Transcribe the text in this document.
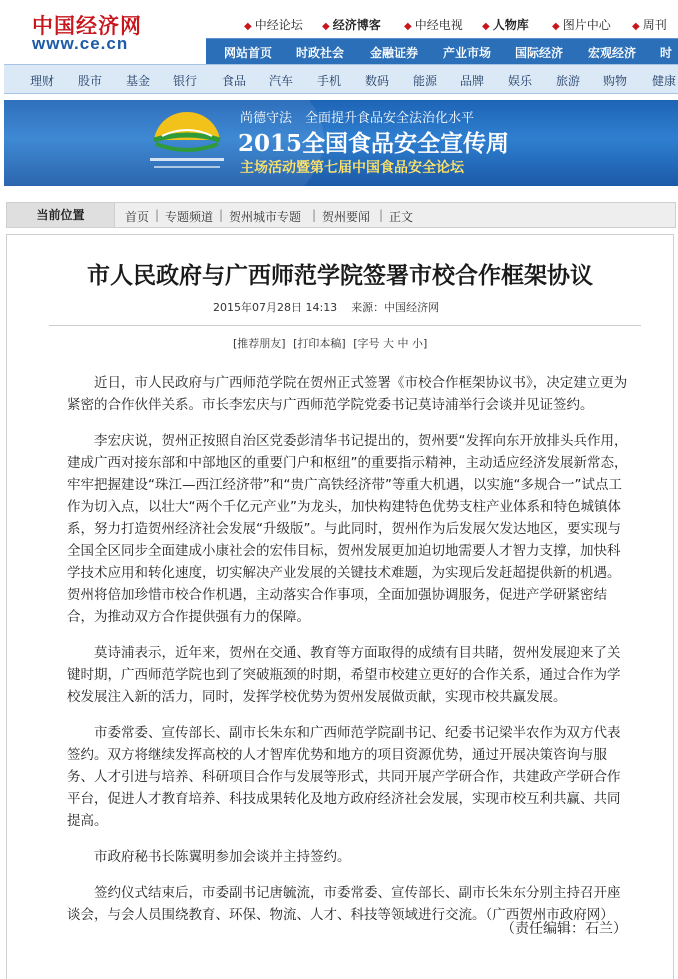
中国经济网
www.ce.cn
◆ 中经论坛 ◆ 经济博客 ◆ 中经电视 ◆ 人物库 ◆ 图片中心 ◆ 周刊
网站首页 时政社会 金融证券 产业市场 国际经济 宏观经济 时
理财 股市 基金 银行 食品 汽车 手机 数码 能源 品牌 娱乐 旅游 购物 健康
尚德守法　全面提升食品安全法治化水平
2015全国食品安全宣传周
主场活动暨第七届中国食品安全论坛
当前位置	首页 | 专题频道 | 贺州城市专题 | 贺州要闻 | 正文
市人民政府与广西师范学院签署市校合作框架协议
2015年07月28日 14:13 来源：中国经济网
[推荐朋友] [打印本稿] [字号 大 中 小]

近日，市人民政府与广西师范学院在贺州正式签署《市校合作框架协议书》，决定建立更为紧密的合作伙伴关系。市长李宏庆与广西师范学院党委书记莫诗浦举行会谈并见证签约。

李宏庆说，贺州正按照自治区党委彭清华书记提出的，贺州要“发挥向东开放排头兵作用，建成广西对接东部和中部地区的重要门户和枢纽”的重要指示精神，主动适应经济发展新常态，牢牢把握建设“珠江—西江经济带”和“贵广高铁经济带”等重大机遇，以实施“多规合一”试点工作为切入点，以壮大“两个千亿元产业”为龙头，加快构建特色优势支柱产业体系和特色城镇体系，努力打造贺州经济社会发展“升级版”。与此同时，贺州作为后发展欠发达地区，要实现与全国全区同步全面建成小康社会的宏伟目标，贺州发展更加迫切地需要人才智力支撑，加快科学技术应用和转化速度，切实解决产业发展的关键技术难题，为实现后发赶超提供新的机遇。贺州将倍加珍惜市校合作机遇，主动落实合作事项，全面加强协调服务，促进产学研紧密结合，为推动双方合作提供强有力的保障。

莫诗浦表示，近年来，贺州在交通、教育等方面取得的成绩有目共睹，贺州发展迎来了关键时期，广西师范学院也到了突破瓶颈的时期，希望市校建立更好的合作关系，通过合作为学校发展注入新的活力，同时，发挥学校优势为贺州发展做贡献，实现市校共赢发展。

市委常委、宣传部长、副市长朱东和广西师范学院副书记、纪委书记梁半农作为双方代表签约。双方将继续发挥高校的人才智库优势和地方的项目资源优势，通过开展决策咨询与服务、人才引进与培养、科研项目合作与发展等形式，共同开展产学研合作，共建政产学研合作平台，促进人才教育培养、科技成果转化及地方政府经济社会发展，实现市校互利共赢、共同提高。

市政府秘书长陈翼明参加会谈并主持签约。

签约仪式结束后，市委副书记唐毓流，市委常委、宣传部长、副市长朱东分别主持召开座谈会，与会人员围绕教育、环保、物流、人才、科技等领域进行交流。（广西贺州市政府网）

（责任编辑：石兰）
